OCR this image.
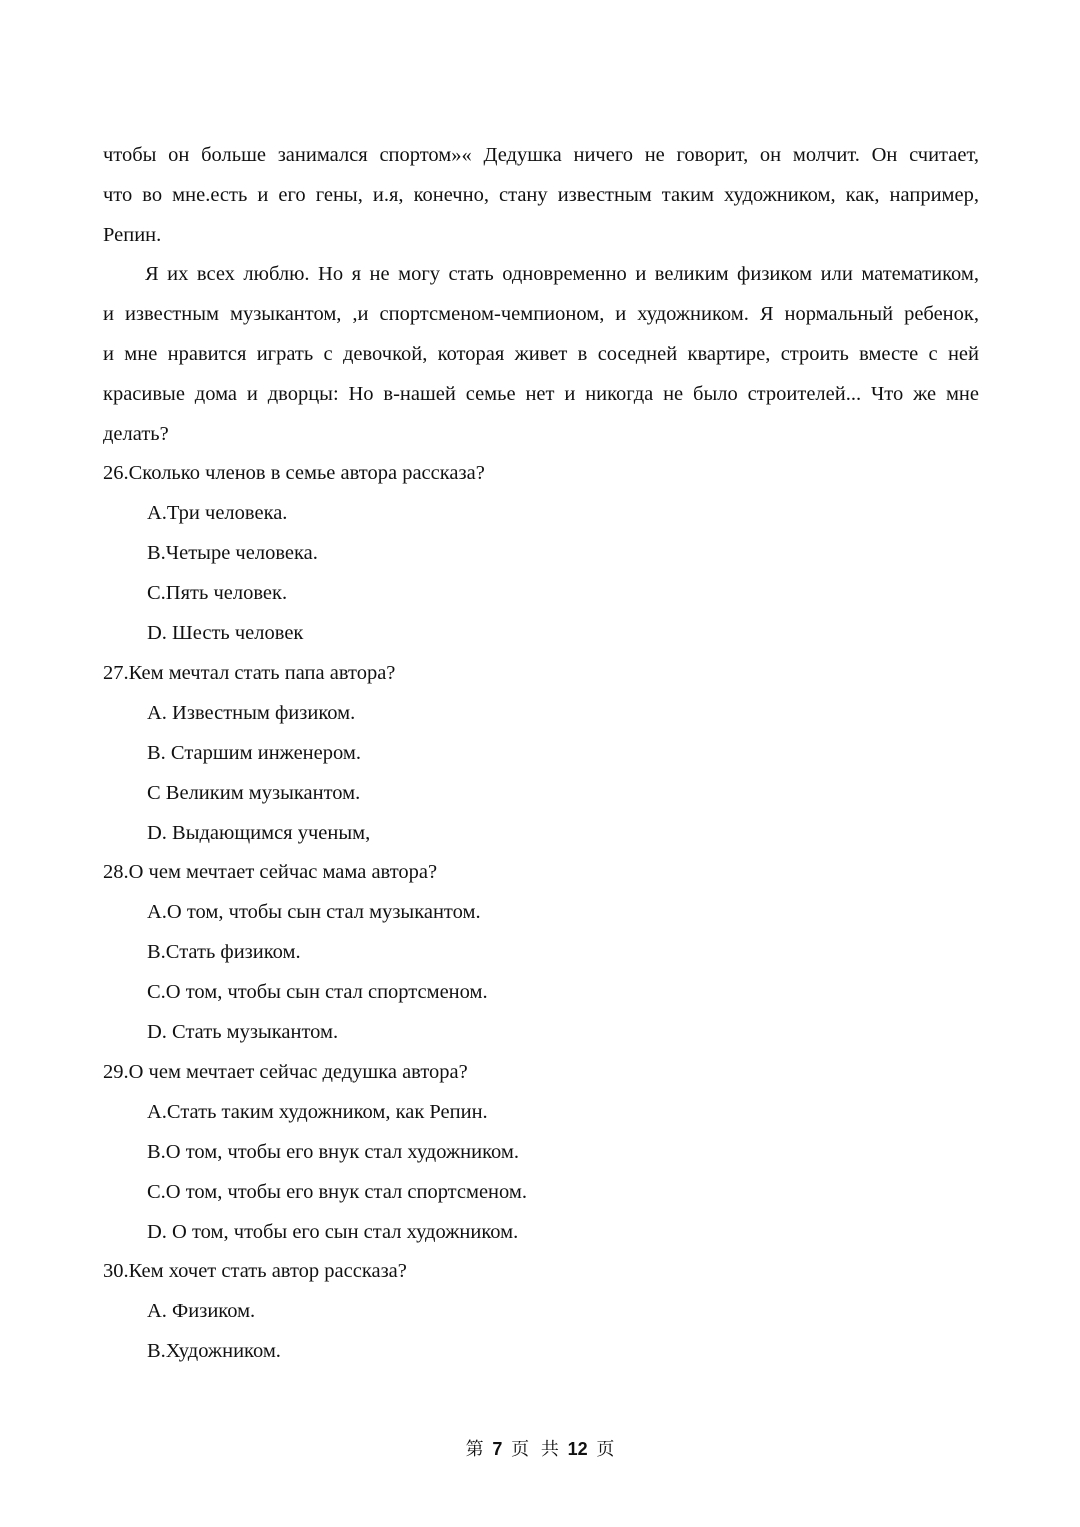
чтобы он больше занимался спортом»« Дедушка ничего не говорит, он молчит. Он считает,
что во мне.есть и его гены, и.я, конечно, стану известным таким художником, как, например,
Репин.
Я их всех люблю. Но я не могу стать одновременно и великим физиком или математиком,
и известным музыкантом, ,и спортсменом-чемпионом, и художником. Я нормальный ребенок,
и мне нравится играть с девочкой, которая живет в соседней квартире, строить вместе с ней
красивые дома и дворцы: Но в-нашей семье нет и никогда не было строителей... Что же мне
делать?

26.Сколько членов в семье автора рассказа?

A.Три человека.

B.Четыре человека.

C.Пять человек.

D. Шесть человек

27.Кем мечтал стать папа автора?

A. Известным физиком.

B. Старшим инженером.

C Великим музыкантом.

D. Выдающимся ученым,

28.О чем мечтает сейчас мама автора?

A.О том, чтобы сын стал музыкантом.

B.Стать физиком.

C.О том, чтобы сын стал спортсменом.

D. Стать музыкантом.

29.О чем мечтает сейчас дедушка автора?

A.Стать таким художником, как Репин.

B.О том, чтобы его внук стал художником.

C.О том, чтобы его внук стал спортсменом.

D. О том, чтобы его сын стал художником.

30.Кем хочет стать автор рассказа?

A. Физиком.

B.Художником.

第 7 页 共 12 页
